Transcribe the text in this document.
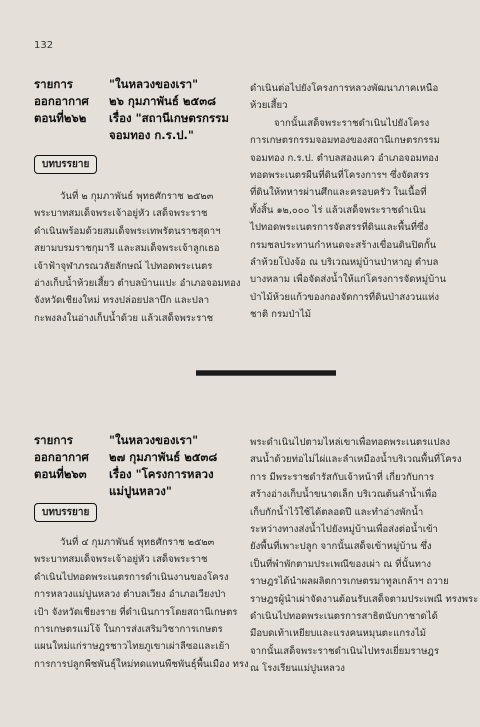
132
รายการ	"ในหลวงของเรา"
ออกอากาศ	๒๖ กุมภาพันธ์ ๒๕๓๘
ตอนที่๒๖๒	เรื่อง "สถานีเกษตรกรรม
จอมทอง ก.ร.ป."
บทบรรยาย
วันที่ ๒ กุมภาพันธ์ พุทธศักราช ๒๕๒๓
พระบาทสมเด็จพระเจ้าอยู่หัว เสด็จพระราช
ดำเนินพร้อมด้วยสมเด็จพระเทพรัตนราชสุดาฯ
สยามบรมราชกุมารี และสมเด็จพระเจ้าลูกเธอ
เจ้าฟ้าจุฬาภรณวลัยลักษณ์ ไปทอดพระเนตร
อ่างเก็บน้ำห้วยเสี้ยว ตำบลบ้านแปะ อำเภอจอมทอง
จังหวัดเชียงใหม่ ทรงปล่อยปลาบึก และปลา
กะพงลงในอ่างเก็บน้ำด้วย แล้วเสด็จพระราช
ดำเนินต่อไปยังโครงการหลวงพัฒนาภาคเหนือ
ห้วยเสี้ยว
จากนั้นเสด็จพระราชดำเนินไปยังโครง
การเกษตรกรรมจอมทองของสถานีเกษตรกรรม
จอมทอง ก.ร.ป. ตำบลสองแคว อำเภอจอมทอง
ทอดพระเนตรผืนที่ดินที่โครงการฯ ซึ่งจัดสรร
ที่ดินให้ทหารผ่านศึกและครอบครัว ในเนื้อที่
ทั้งสิ้น ๑๒,๐๐๐ ไร่ แล้วเสด็จพระราชดำเนิน
ไปทอดพระเนตรการจัดสรรที่ดินและพื้นที่ซึ่ง
กรมชลประทานกำหนดจะสร้างเขื่อนดินปิดกั้น
ลำห้วยโป่งจ้อ ณ บริเวณหมู่บ้านป่าหาญ ตำบล
บางหลาม เพื่อจัดส่งน้ำให้แก่โครงการจัดหมู่บ้าน
ป่าไม้ห้วยแก้วของกองจัดการที่ดินป่าสงวนแห่ง
ชาติ กรมป่าไม้
รายการ	"ในหลวงของเรา"
ออกอากาศ	๒๗ กุมภาพันธ์ ๒๕๓๘
ตอนที่๒๖๓	เรื่อง "โครงการหลวง
แม่ปูนหลวง"
บทบรรยาย
วันที่ ๔ กุมภาพันธ์ พุทธศักราช ๒๕๒๓
พระบาทสมเด็จพระเจ้าอยู่หัว เสด็จพระราช
ดำเนินไปทอดพระเนตรการดำเนินงานของโครง
การหลวงแม่ปูนหลวง ตำบลเวียง อำเภอเวียงป่า
เป้า จังหวัดเชียงราย ที่ดำเนินการโดยสถานีเกษตร
การเกษตรแม่โจ้ ในการส่งเสริมวิชาการเกษตร
แผนใหม่แก่ราษฎรชาวไทยภูเขาเผ่าลีซอและเย้า
การการปลูกพืชพันธุ์ใหม่ทดแทนพืชพันธุ์พื้นเมือง ทรง
พระดำเนินไปตามไหล่เขาเพื่อทอดพระเนตรแปลง
สนน้ำด้วยท่อไม่ไผ่และลำเหมืองน้ำบริเวณพื้นที่โครง
การ มีพระราชดำรัสกับเจ้าหน้าที่ เกี่ยวกับการ
สร้างอ่างเก็บน้ำขนาดเล็ก บริเวณต้นลำน้ำเพื่อ
เก็บกักน้ำไว้ใช้ได้ตลอดปี และทำอ่างพักน้ำ
ระหว่างทางส่งน้ำไปยังหมู่บ้านเพื่อส่งต่อน้ำเข้า
ยังพื้นที่เพาะปลูก จากนั้นเสด็จเข้าหมู่บ้าน ซึ่ง
เป็นที่พำพักตามประเพณีของเผ่า ณ ที่นั้นทาง
ราษฎรได้นำผลผลิตการเกษตรมาทูลเกล้าฯ ถวาย
ราษฎรผู้นำเผ่าจัดงานต้อนรับเสด็จตามประเพณี ทรงพระ
ดำเนินไปทอดพระเนตรการสาธิตนับกาชาดได้
มือบดเท้าเหยียบและแรงคนหมุนตะแกรงไม้
จากนั้นเสด็จพระราชดำเนินไปทรงเยี่ยมราษฎร
ณ โรงเรียนแม่ปูนหลวง
